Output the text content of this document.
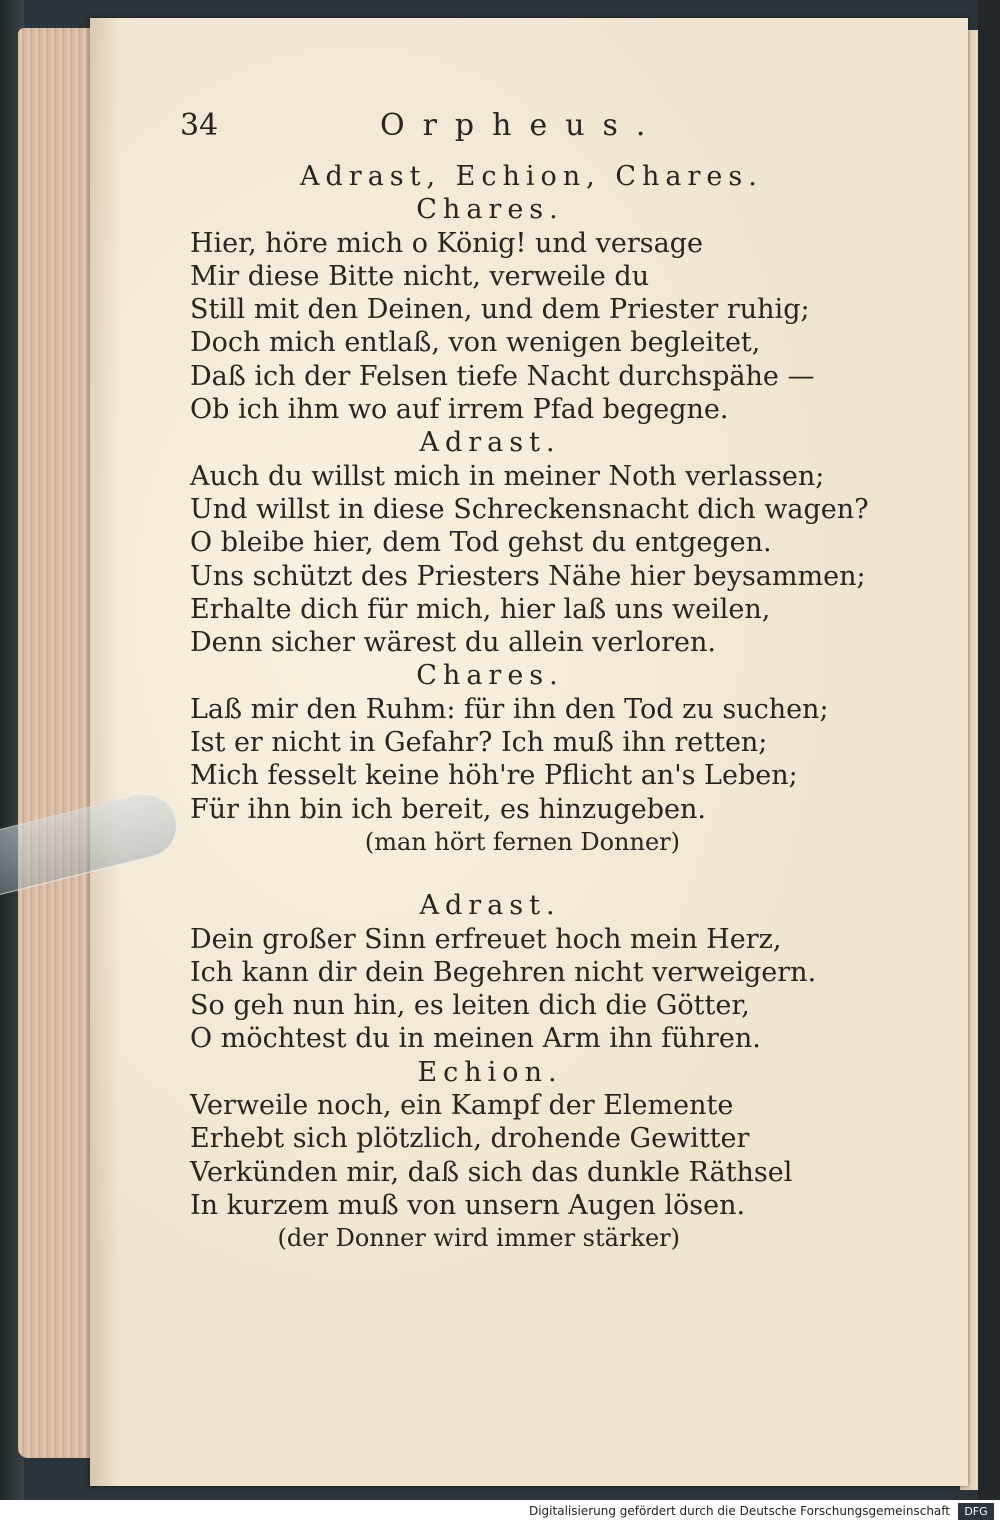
34	Orpheus.
Adrast, Echion, Chares.
Chares.
Hier, höre mich o König! und versage
Mir diese Bitte nicht, verweile du
Still mit den Deinen, und dem Priester ruhig;
Doch mich entlaß, von wenigen begleitet,
Daß ich der Felsen tiefe Nacht durchspähe —
Ob ich ihm wo auf irrem Pfad begegne.
Adrast.
Auch du willst mich in meiner Noth verlassen;
Und willst in diese Schreckensnacht dich wagen?
O bleibe hier, dem Tod gehst du entgegen.
Uns schützt des Priesters Nähe hier beysammen;
Erhalte dich für mich, hier laß uns weilen,
Denn sicher wärest du allein verloren.
Chares.
Laß mir den Ruhm: für ihn den Tod zu suchen;
Ist er nicht in Gefahr? Ich muß ihn retten;
Mich fesselt keine höh're Pflicht an's Leben;
Für ihn bin ich bereit, es hinzugeben.
(man hört fernen Donner)
Adrast.
Dein großer Sinn erfreuet hoch mein Herz,
Ich kann dir dein Begehren nicht verweigern.
So geh nun hin, es leiten dich die Götter,
O möchtest du in meinen Arm ihn führen.
Echion.
Verweile noch, ein Kampf der Elemente
Erhebt sich plötzlich, drohende Gewitter
Verkünden mir, daß sich das dunkle Räthsel
In kurzem muß von unsern Augen lösen.
(der Donner wird immer stärker)
Digitalisierung gefördert durch die Deutsche Forschungsgemeinschaft	DFG
